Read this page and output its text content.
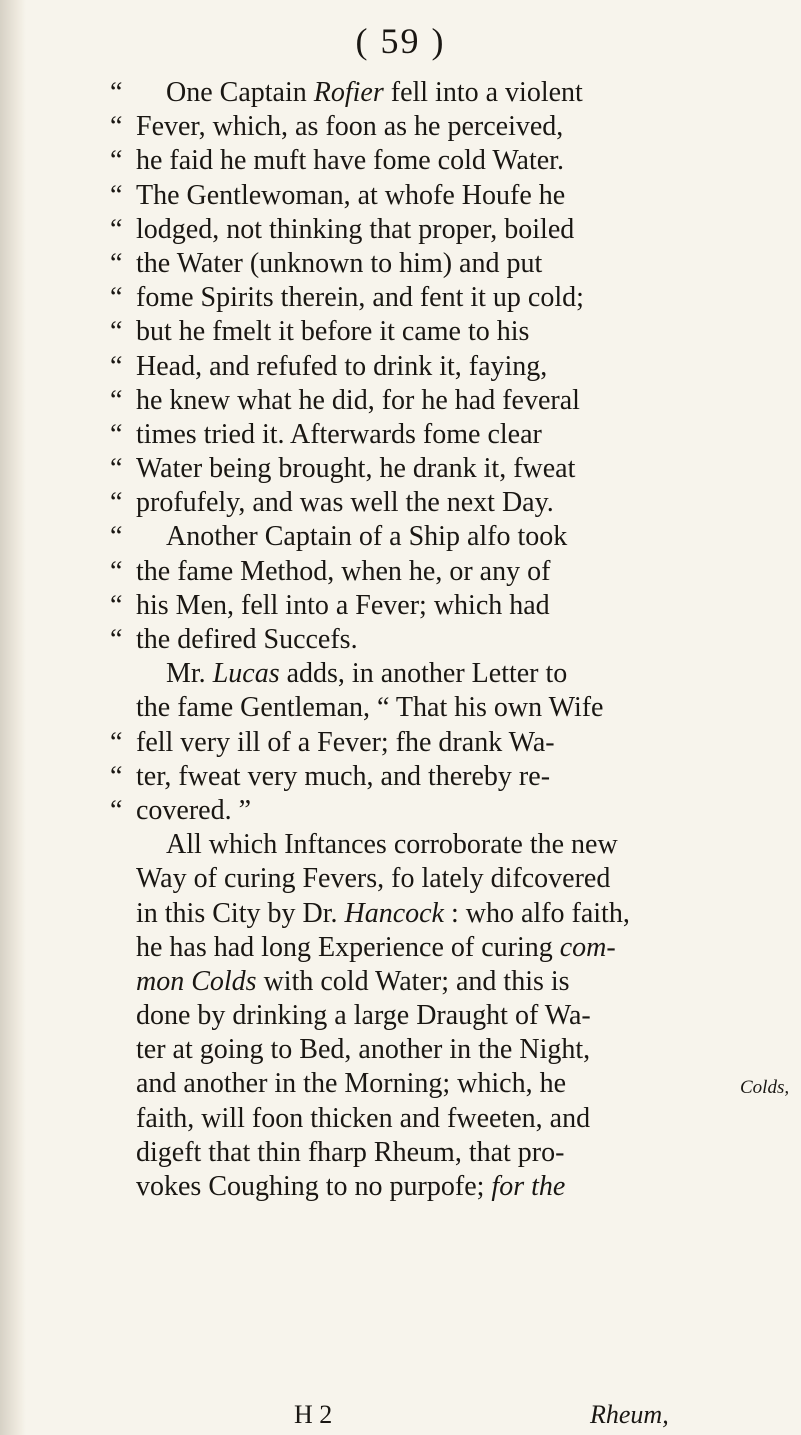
( 59 )
“ One Captain Rofier fell into a violent
“ Fever, which, as foon as he perceived,
“ he faid he muft have fome cold Water.
“ The Gentlewoman, at whofe Houfe he
“ lodged, not thinking that proper, boiled
“ the Water (unknown to him) and put
“ fome Spirits therein, and fent it up cold;
“ but he fmelt it before it came to his
“ Head, and refufed to drink it, faying,
“ he knew what he did, for he had feveral
“ times tried it. Afterwards fome clear
“ Water being brought, he drank it, fweat
“ profufely, and was well the next Day.
“ Another Captain of a Ship alfo took
“ the fame Method, when he, or any of
“ his Men, fell into a Fever; which had
“ the defired Succefs.
Mr. Lucas adds, in another Letter to
the fame Gentleman, “ That his own Wife
“ fell very ill of a Fever; fhe drank Wa-
“ ter, fweat very much, and thereby re-
“ covered. ”
All which Inftances corroborate the new
Way of curing Fevers, fo lately difcovered
in this City by Dr. Hancock : who alfo faith,
he has had long Experience of curing com-
mon Colds with cold Water; and this is
done by drinking a large Draught of Wa-
ter at going to Bed, another in the Night,
and another in the Morning; which, he
faith, will foon thicken and fweeten, and
digeft that thin fharp Rheum, that pro-
vokes Coughing to no purpofe; for the
Colds,
H 2	Rheum,
